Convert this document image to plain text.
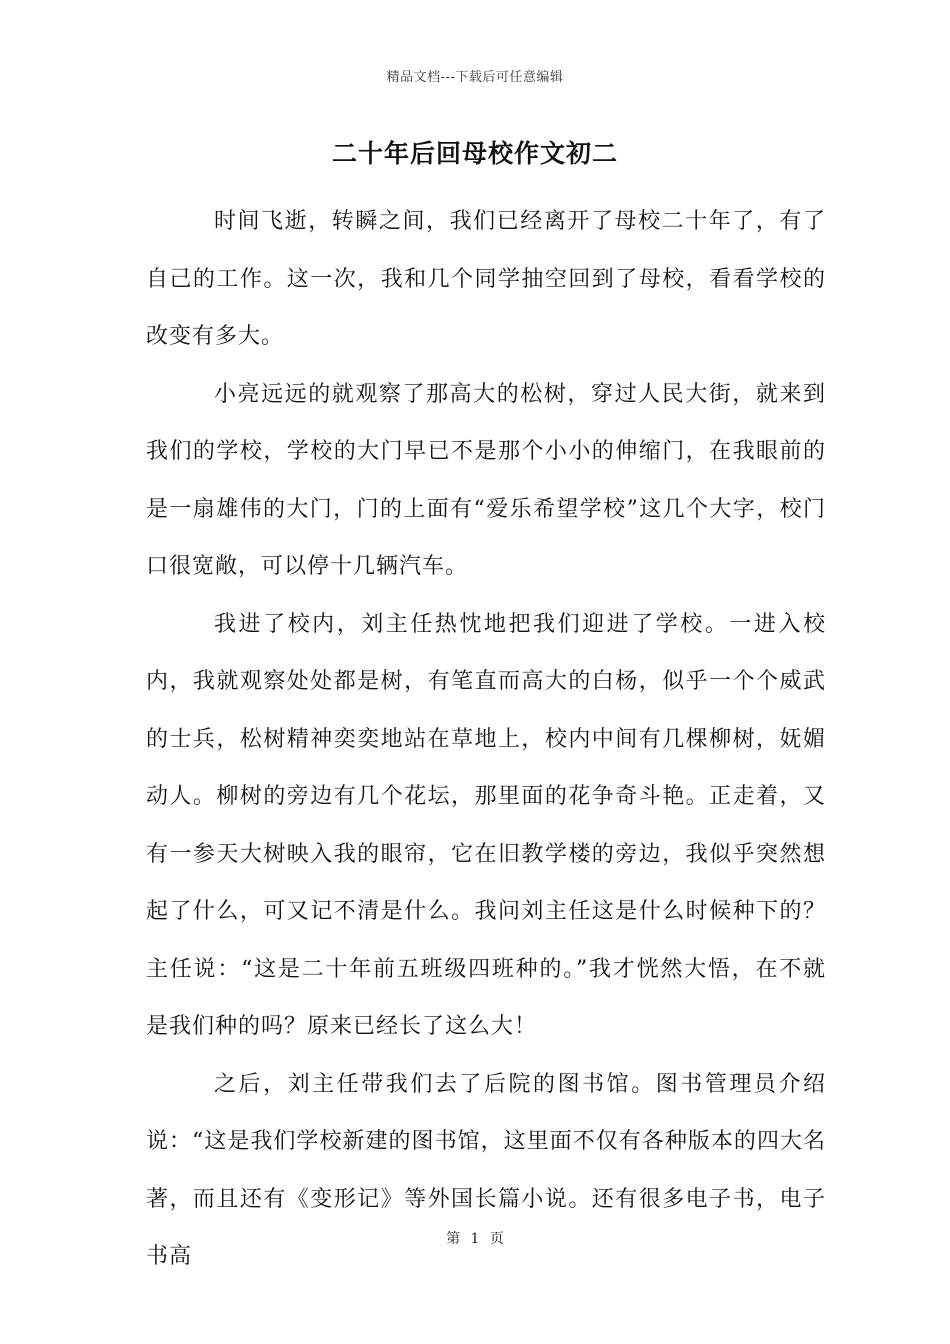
精品文档---下载后可任意编辑
二十年后回母校作文初二

时间飞逝，转瞬之间，我们已经离开了母校二十年了，有了自己的工作。这一次，我和几个同学抽空回到了母校，看看学校的改变有多大。

小亮远远的就观察了那高大的松树，穿过人民大街，就来到我们的学校，学校的大门早已不是那个小小的伸缩门，在我眼前的是一扇雄伟的大门，门的上面有“爱乐希望学校”这几个大字，校门口很宽敞，可以停十几辆汽车。

我进了校内，刘主任热忱地把我们迎进了学校。一进入校内，我就观察处处都是树，有笔直而高大的白杨，似乎一个个威武的士兵，松树精神奕奕地站在草地上，校内中间有几棵柳树，妩媚动人。柳树的旁边有几个花坛，那里面的花争奇斗艳。正走着，又有一参天大树映入我的眼帘，它在旧教学楼的旁边，我似乎突然想起了什么，可又记不清是什么。我问刘主任这是什么时候种下的？主任说：“这是二十年前五班级四班种的。”我才恍然大悟，在不就是我们种的吗？原来已经长了这么大！

之后，刘主任带我们去了后院的图书馆。图书管理员介绍说：“这是我们学校新建的图书馆，这里面不仅有各种版本的四大名著，而且还有《变形记》等外国长篇小说。还有很多电子书，电子书高

第 1 页
